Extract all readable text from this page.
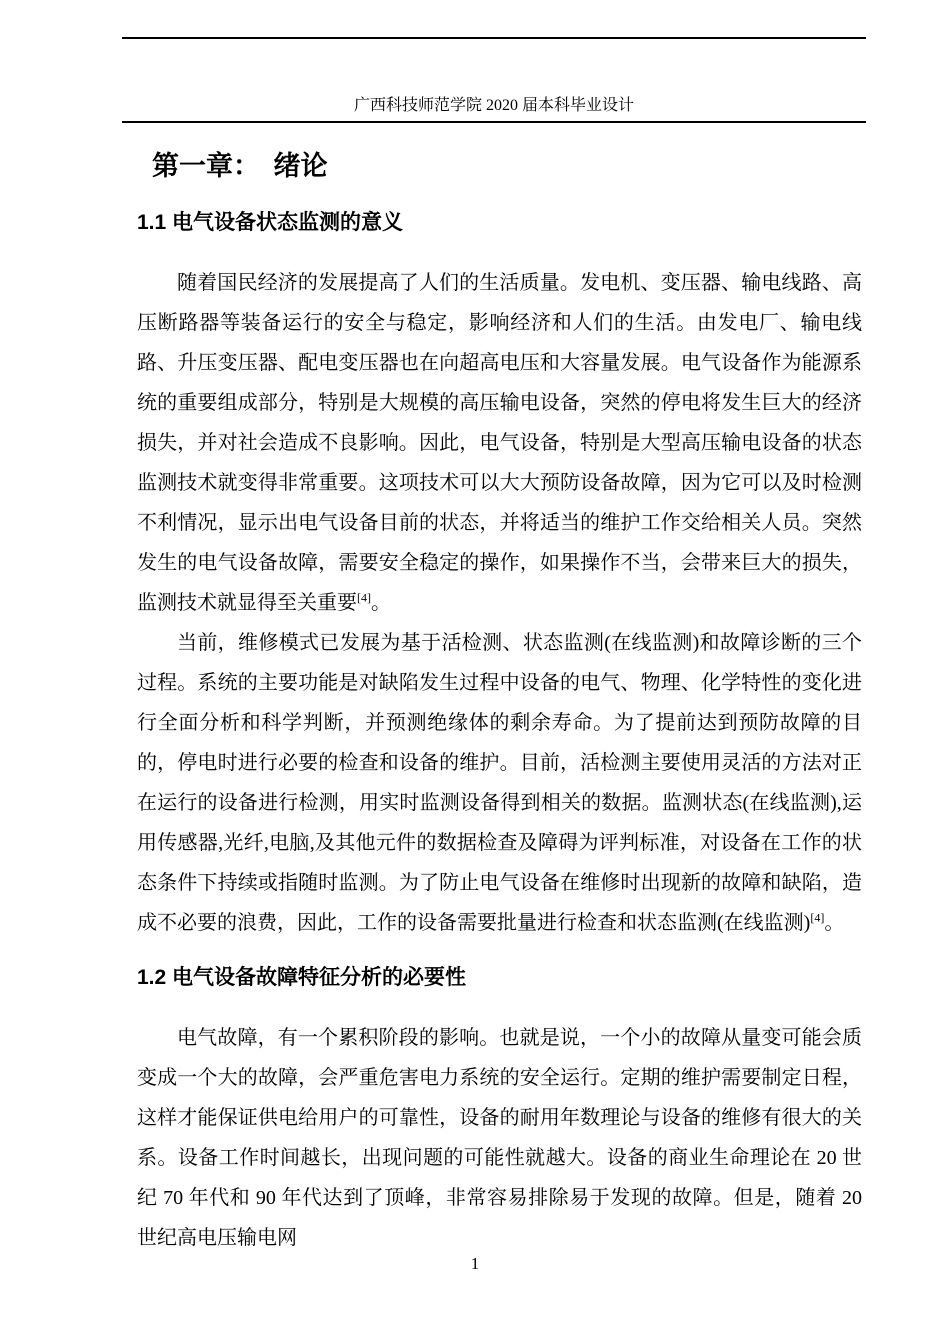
广西科技师范学院 2020 届本科毕业设计
第一章：　绪论
1.1 电气设备状态监测的意义

随着国民经济的发展提高了人们的生活质量。发电机、变压器、输电线路、高压断路器等装备运行的安全与稳定，影响经济和人们的生活。由发电厂、输电线路、升压变压器、配电变压器也在向超高电压和大容量发展。电气设备作为能源系统的重要组成部分，特别是大规模的高压输电设备，突然的停电将发生巨大的经济损失，并对社会造成不良影响。因此，电气设备，特别是大型高压输电设备的状态监测技术就变得非常重要。这项技术可以大大预防设备故障，因为它可以及时检测不利情况，显示出电气设备目前的状态，并将适当的维护工作交给相关人员。突然发生的电气设备故障，需要安全稳定的操作，如果操作不当，会带来巨大的损失，监测技术就显得至关重要[4]。

当前，维修模式已发展为基于活检测、状态监测(在线监测)和故障诊断的三个过程。系统的主要功能是对缺陷发生过程中设备的电气、物理、化学特性的变化进行全面分析和科学判断，并预测绝缘体的剩余寿命。为了提前达到预防故障的目的，停电时进行必要的检查和设备的维护。目前，活检测主要使用灵活的方法对正在运行的设备进行检测，用实时监测设备得到相关的数据。监测状态(在线监测),运用传感器,光纤,电脑,及其他元件的数据检查及障碍为评判标准，对设备在工作的状态条件下持续或指随时监测。为了防止电气设备在维修时出现新的故障和缺陷，造成不必要的浪费，因此，工作的设备需要批量进行检查和状态监测(在线监测)[4]。

1.2 电气设备故障特征分析的必要性

电气故障，有一个累积阶段的影响。也就是说，一个小的故障从量变可能会质变成一个大的故障，会严重危害电力系统的安全运行。定期的维护需要制定日程，这样才能保证供电给用户的可靠性，设备的耐用年数理论与设备的维修有很大的关系。设备工作时间越长，出现问题的可能性就越大。设备的商业生命理论在 20 世纪 70 年代和 90 年代达到了顶峰，非常容易排除易于发现的故障。但是，随着 20 世纪高电压输电网

1
